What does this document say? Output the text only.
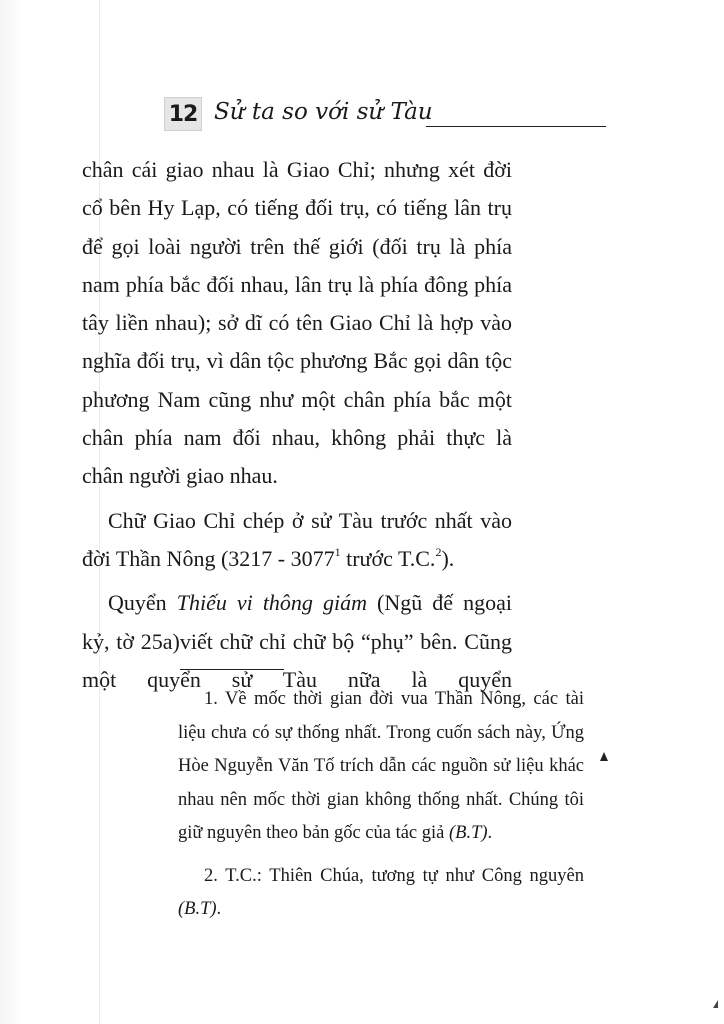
12 Sử ta so với sử Tàu

chân cái giao nhau là Giao Chỉ; nhưng xét đời cổ bên Hy Lạp, có tiếng đối trụ, có tiếng lân trụ để gọi loài người trên thế giới (đối trụ là phía nam phía bắc đối nhau, lân trụ là phía đông phía tây liền nhau); sở dĩ có tên Giao Chỉ là hợp vào nghĩa đối trụ, vì dân tộc phương Bắc gọi dân tộc phương Nam cũng như một chân phía bắc một chân phía nam đối nhau, không phải thực là chân người giao nhau.

Chữ Giao Chỉ chép ở sử Tàu trước nhất vào đời Thần Nông (3217 - 3077$^1$ trước T.C.$^2$).

Quyển Thiếu vi thông giám (Ngũ đế ngoại kỷ, tờ 25a)viết chữ chỉ chữ bộ “phụ” bên. Cũng một quyển sử Tàu nữa là quyển

1. Về mốc thời gian đời vua Thần Nông, các tài liệu chưa có sự thống nhất. Trong cuốn sách này, Ứng Hòe Nguyễn Văn Tố trích dẫn các nguồn sử liệu khác nhau nên mốc thời gian không thống nhất. Chúng tôi giữ nguyên theo bản gốc của tác giả (B.T).

2. T.C.: Thiên Chúa, tương tự như Công nguyên (B.T).
